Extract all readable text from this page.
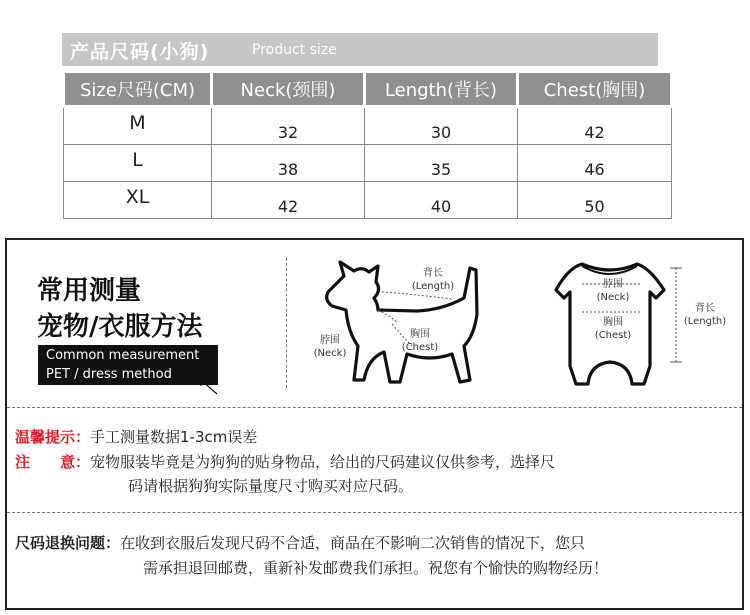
产品尺码(小狗)	Product size
Size尺码(CM)	Neck(颈围)	Length(背长)	Chest(胸围)
M	32	30	42
L	38	35	46
XL	42	40	50
常用测量
宠物/衣服方法
Common measurement
PET / dress method
背长
(Length)
脖围
(Neck)
胸围
(Chest)
脖围
(Neck)
胸围
(Chest)
背长
(Length)
温馨提示：手工测量数据1-3cm误差
注　　意：宠物服装毕竟是为狗狗的贴身物品，给出的尺码建议仅供参考，选择尺
码请根据狗狗实际量度尺寸购买对应尺码。
尺码退换问题：在收到衣服后发现尺码不合适，商品在不影响二次销售的情况下，您只
需承担退回邮费，重新补发邮费我们承担。祝您有个愉快的购物经历！
